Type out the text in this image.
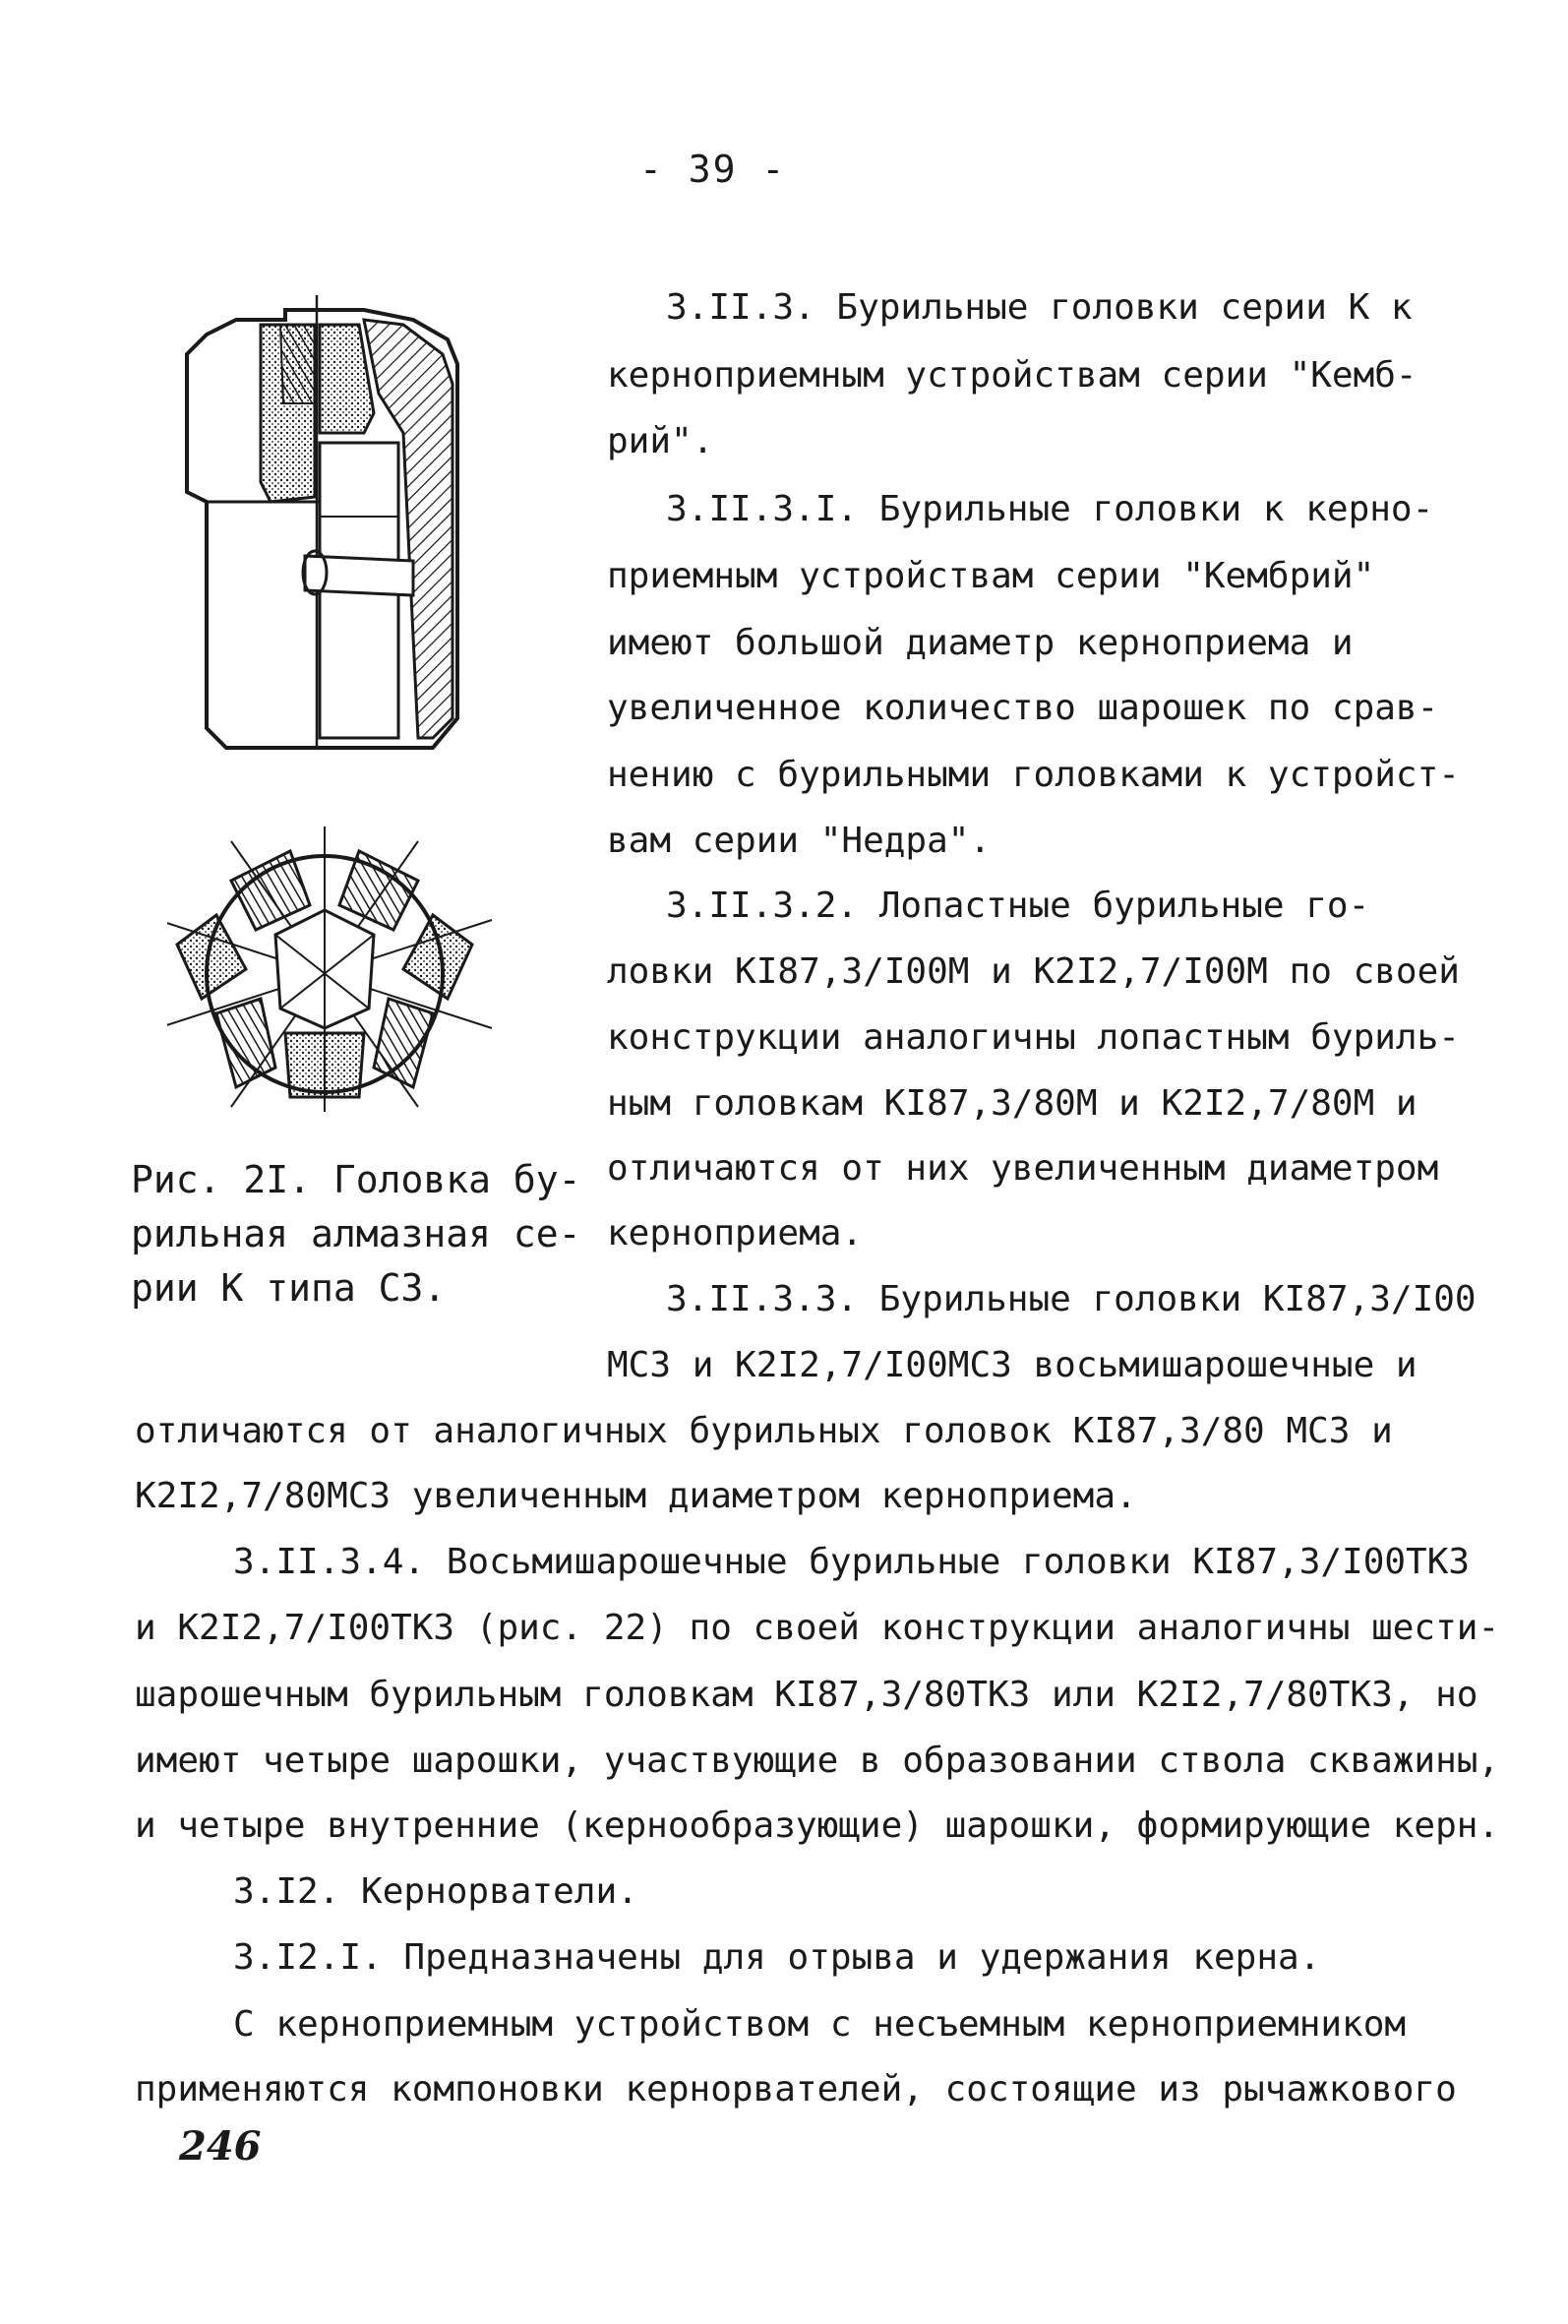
- 39 -
Рис. 2I. Головка бу-
рильная алмазная се-
рии К типа СЗ.
3.II.3. Бурильные головки серии К к
керноприемным устройствам серии "Кемб-
рий".
3.II.3.I. Бурильные головки к керно-
приемным устройствам серии "Кембрий"
имеют большой диаметр керноприема и
увеличенное количество шарошек по срав-
нению с бурильными головками к устройст-
вам серии "Недра".
3.II.3.2. Лопастные бурильные го-
ловки КI87,3/I00М и К2I2,7/I00М по своей
конструкции аналогичны лопастным буриль-
ным головкам КI87,3/80М и К2I2,7/80М и
отличаются от них увеличенным диаметром
керноприема.
3.II.3.3. Бурильные головки КI87,3/I00
МСЗ и К2I2,7/I00МСЗ восьмишарошечные и
отличаются от аналогичных бурильных головок КI87,3/80 МСЗ и
К2I2,7/80МСЗ увеличенным диаметром керноприема.
3.II.3.4. Восьмишарошечные бурильные головки КI87,3/I00ТКЗ
и К2I2,7/I00ТКЗ (рис. 22) по своей конструкции аналогичны шести-
шарошечным бурильным головкам КI87,3/80ТКЗ или К2I2,7/80ТКЗ, но
имеют четыре шарошки, участвующие в образовании ствола скважины,
и четыре внутренние (кернообразующие) шарошки, формирующие керн.
3.I2. Кернорватели.
3.I2.I. Предназначены для отрыва и удержания керна.
С керноприемным устройством с несъемным керноприемником
применяются компоновки кернорвателей, состоящие из рычажкового
246
